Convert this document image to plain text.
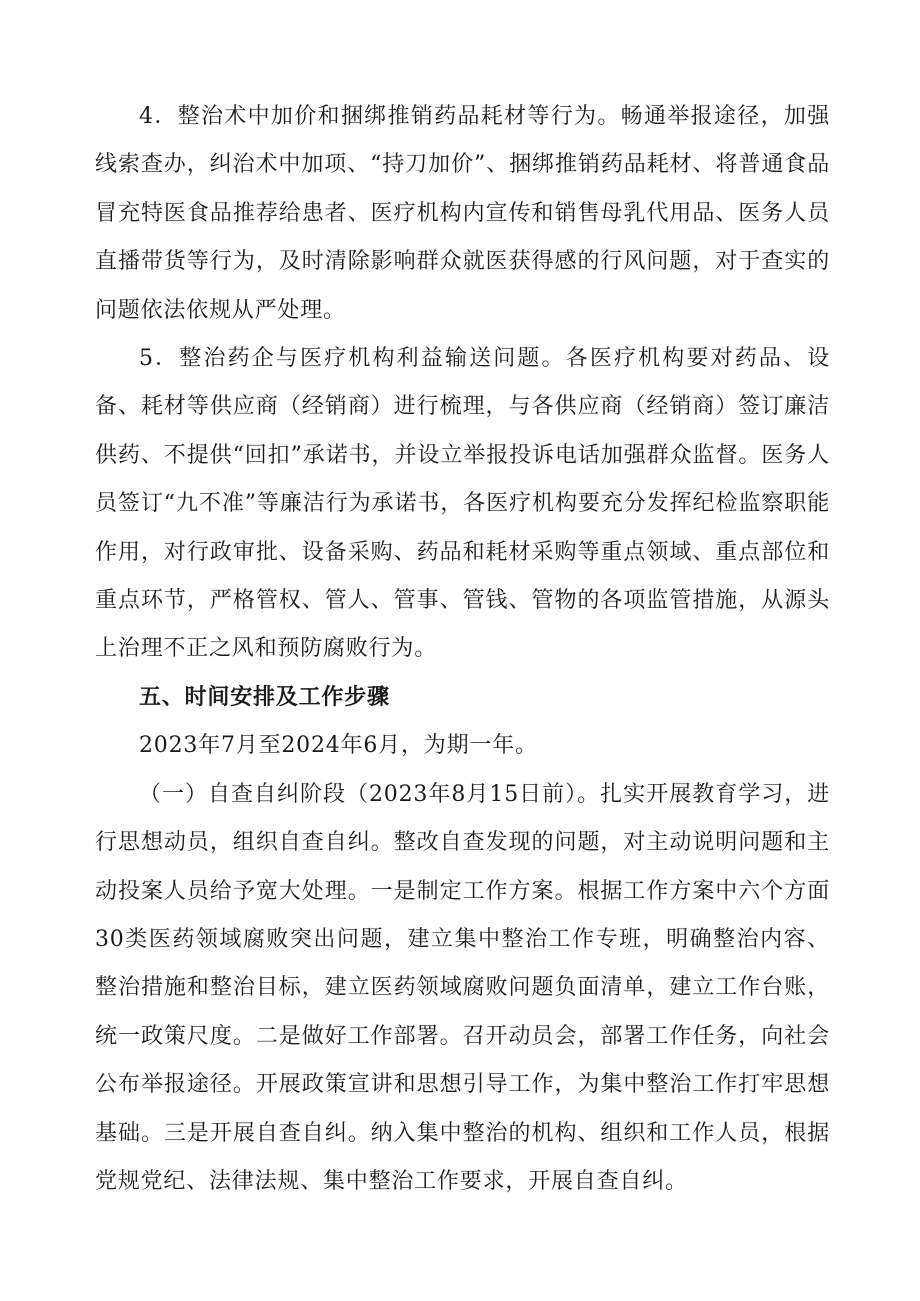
4．整治术中加价和捆绑推销药品耗材等行为。畅通举报途径，加强线索查办，纠治术中加项、“持刀加价”、捆绑推销药品耗材、将普通食品冒充特医食品推荐给患者、医疗机构内宣传和销售母乳代用品、医务人员直播带货等行为，及时清除影响群众就医获得感的行风问题，对于查实的问题依法依规从严处理。

5．整治药企与医疗机构利益输送问题。各医疗机构要对药品、设备、耗材等供应商（经销商）进行梳理，与各供应商（经销商）签订廉洁供药、不提供“回扣”承诺书，并设立举报投诉电话加强群众监督。医务人员签订“九不准”等廉洁行为承诺书，各医疗机构要充分发挥纪检监察职能作用，对行政审批、设备采购、药品和耗材采购等重点领域、重点部位和重点环节，严格管权、管人、管事、管钱、管物的各项监管措施，从源头上治理不正之风和预防腐败行为。

五、时间安排及工作步骤

2023年7月至2024年6月，为期一年。

（一）自查自纠阶段（2023年8月15日前）。扎实开展教育学习，进行思想动员，组织自查自纠。整改自查发现的问题，对主动说明问题和主动投案人员给予宽大处理。一是制定工作方案。根据工作方案中六个方面30类医药领域腐败突出问题，建立集中整治工作专班，明确整治内容、整治措施和整治目标，建立医药领域腐败问题负面清单，建立工作台账，统一政策尺度。二是做好工作部署。召开动员会，部署工作任务，向社会公布举报途径。开展政策宣讲和思想引导工作，为集中整治工作打牢思想基础。三是开展自查自纠。纳入集中整治的机构、组织和工作人员，根据党规党纪、法律法规、集中整治工作要求，开展自查自纠。
